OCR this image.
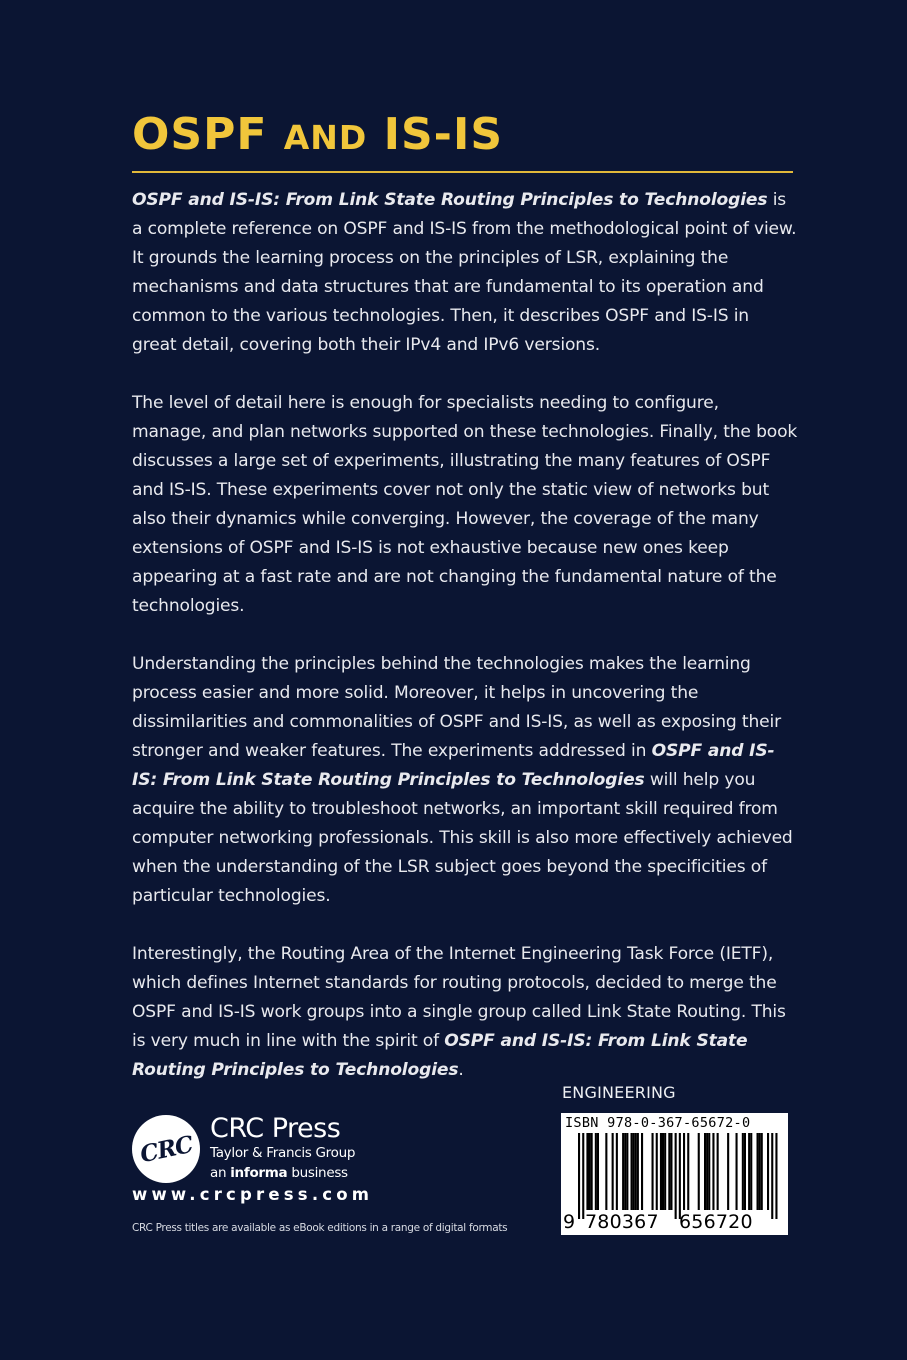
OSPF AND IS-IS

OSPF and IS-IS: From Link State Routing Principles to Technologies is a complete reference on OSPF and IS-IS from the methodological point of view. It grounds the learning process on the principles of LSR, explaining the mechanisms and data structures that are fundamental to its operation and common to the various technologies. Then, it describes OSPF and IS-IS in great detail, covering both their IPv4 and IPv6 versions.

The level of detail here is enough for specialists needing to configure, manage, and plan networks supported on these technologies. Finally, the book discusses a large set of experiments, illustrating the many features of OSPF and IS-IS. These experiments cover not only the static view of networks but also their dynamics while converging. However, the coverage of the many extensions of OSPF and IS-IS is not exhaustive because new ones keep appearing at a fast rate and are not changing the fundamental nature of the technologies.

Understanding the principles behind the technologies makes the learning process easier and more solid. Moreover, it helps in uncovering the dissimilarities and commonalities of OSPF and IS-IS, as well as exposing their stronger and weaker features. The experiments addressed in OSPF and IS-IS: From Link State Routing Principles to Technologies will help you acquire the ability to troubleshoot networks, an important skill required from computer networking professionals. This skill is also more effectively achieved when the understanding of the LSR subject goes beyond the specificities of particular technologies.

Interestingly, the Routing Area of the Internet Engineering Task Force (IETF), which defines Internet standards for routing protocols, decided to merge the OSPF and IS-IS work groups into a single group called Link State Routing. This is very much in line with the spirit of OSPF and IS-IS: From Link State Routing Principles to Technologies.

ENGINEERING
CRC
CRC Press
Taylor & Francis Group
an informa business
www.crcpress.com
CRC Press titles are available as eBook editions in a range of digital formats
ISBN 978-0-367-65672-0
9 780367 656720
